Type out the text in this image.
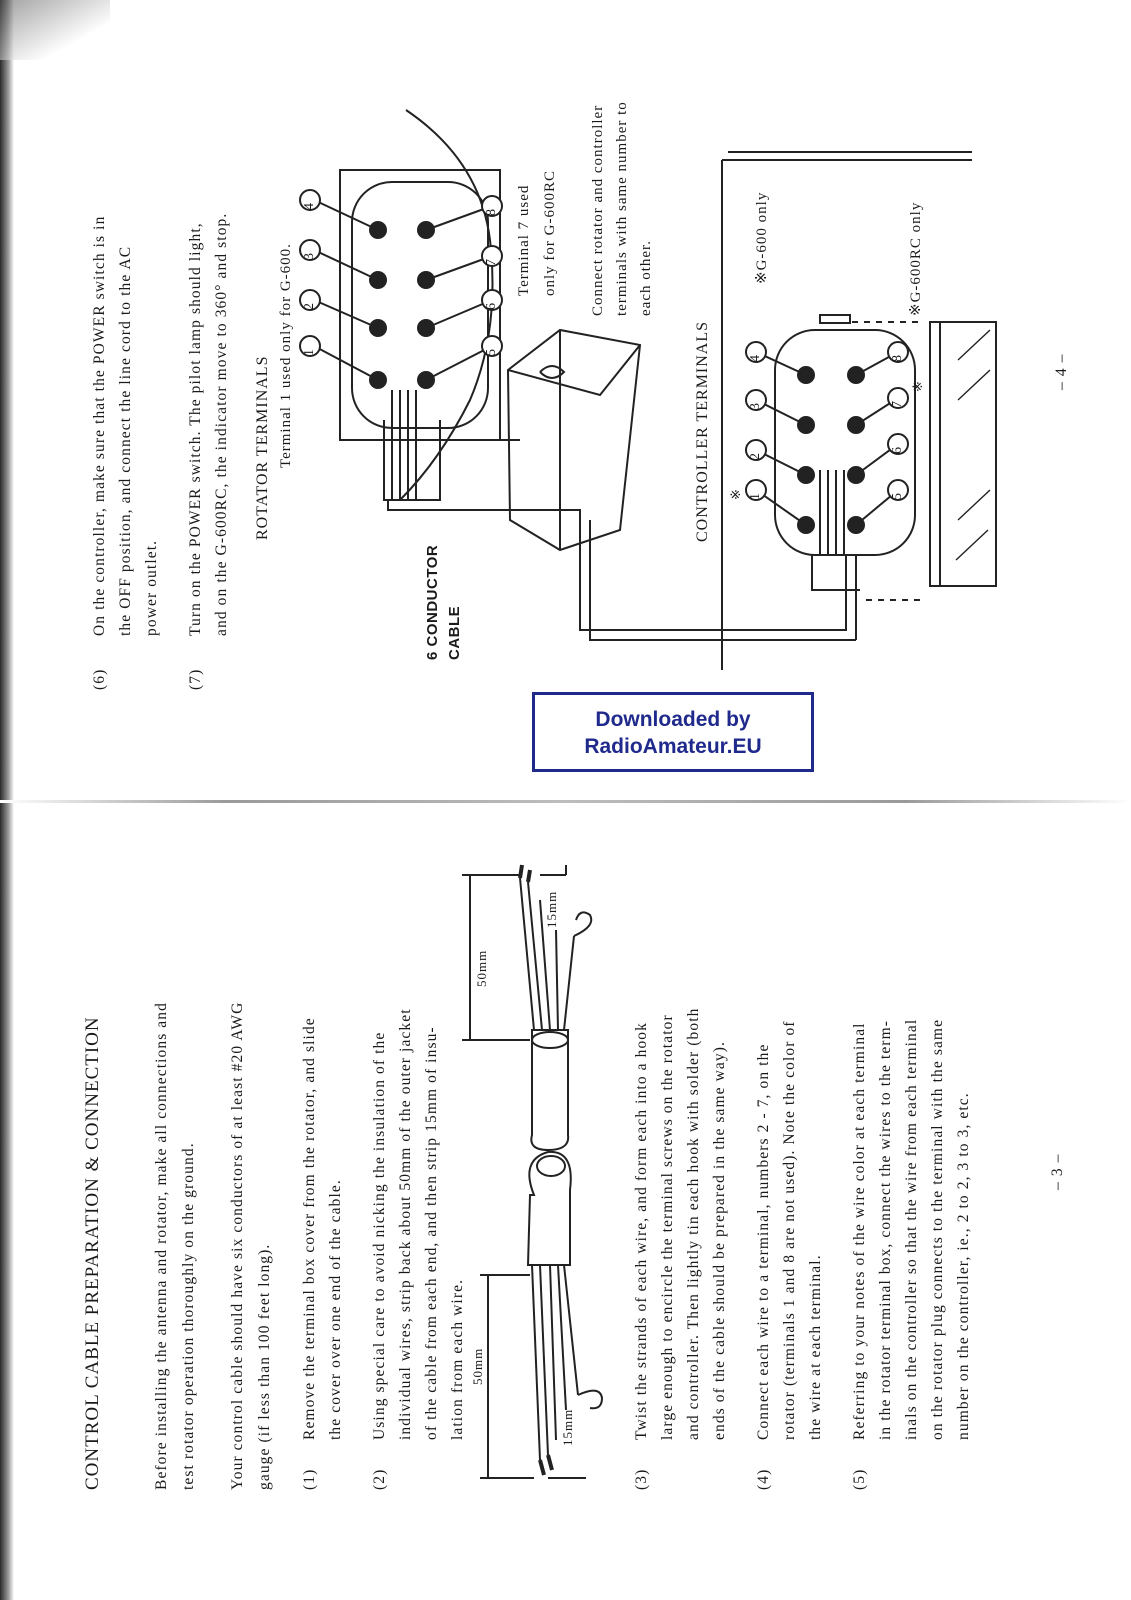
CONTROL CABLE PREPARATION & CONNECTION	Before installing the antenna and rotator, make all connections and test rotator operation thoroughly on the ground.	Your control cable should have six conductors of at least #20 AWG gauge (if less than 100 feet long).	(1)
Remove the terminal box cover from the rotator, and slide the cover over one end of the cable.
(2)
Using special care to avoid nicking the insulation of the individual wires, strip back about 50mm of the outer jacket of the cable from each end, and then strip 15mm of insu- lation from each wire.
(3)
Twist the strands of each wire, and form each into a hook large enough to encircle the terminal screws on the rotator and controller. Then lightly tin each hook with solder (both ends of the cable should be prepared in the same way).
(4)
Connect each wire to a terminal, numbers 2 - 7, on the rotator (terminals 1 and 8 are not used). Note the color of the wire at each terminal.
(5)
Referring to your notes of the wire color at each terminal in the rotator terminal box, connect the wires to the term- inals on the controller so that the wire from each terminal on the rotator plug connects to the terminal with the same number on the controller, ie., 2 to 2, 3 to 3, etc.	– 3 –
50mm
15mm
50mm
15mm
(6)
On the controller, make sure that the POWER switch is in the OFF position, and connect the line cord to the AC power outlet.
(7)
Turn on the POWER switch. The pilot lamp should light, and on the G-600RC, the indicator move to 360° and stop.	ROTATOR TERMINALS Terminal 1 used only for G-600.
6 CONDUCTOR CABLE
Terminal 7 used only for G-600RC Connect rotator and controller terminals with same number to each other.
CONTROLLER TERMINALS
※G-600 only	※G-600RC only
1
2
3
4
5
6
7
8
1
2
3
4
5
6
7
8
※
※	– 4 –
Downloaded by
RadioAmateur.EU
